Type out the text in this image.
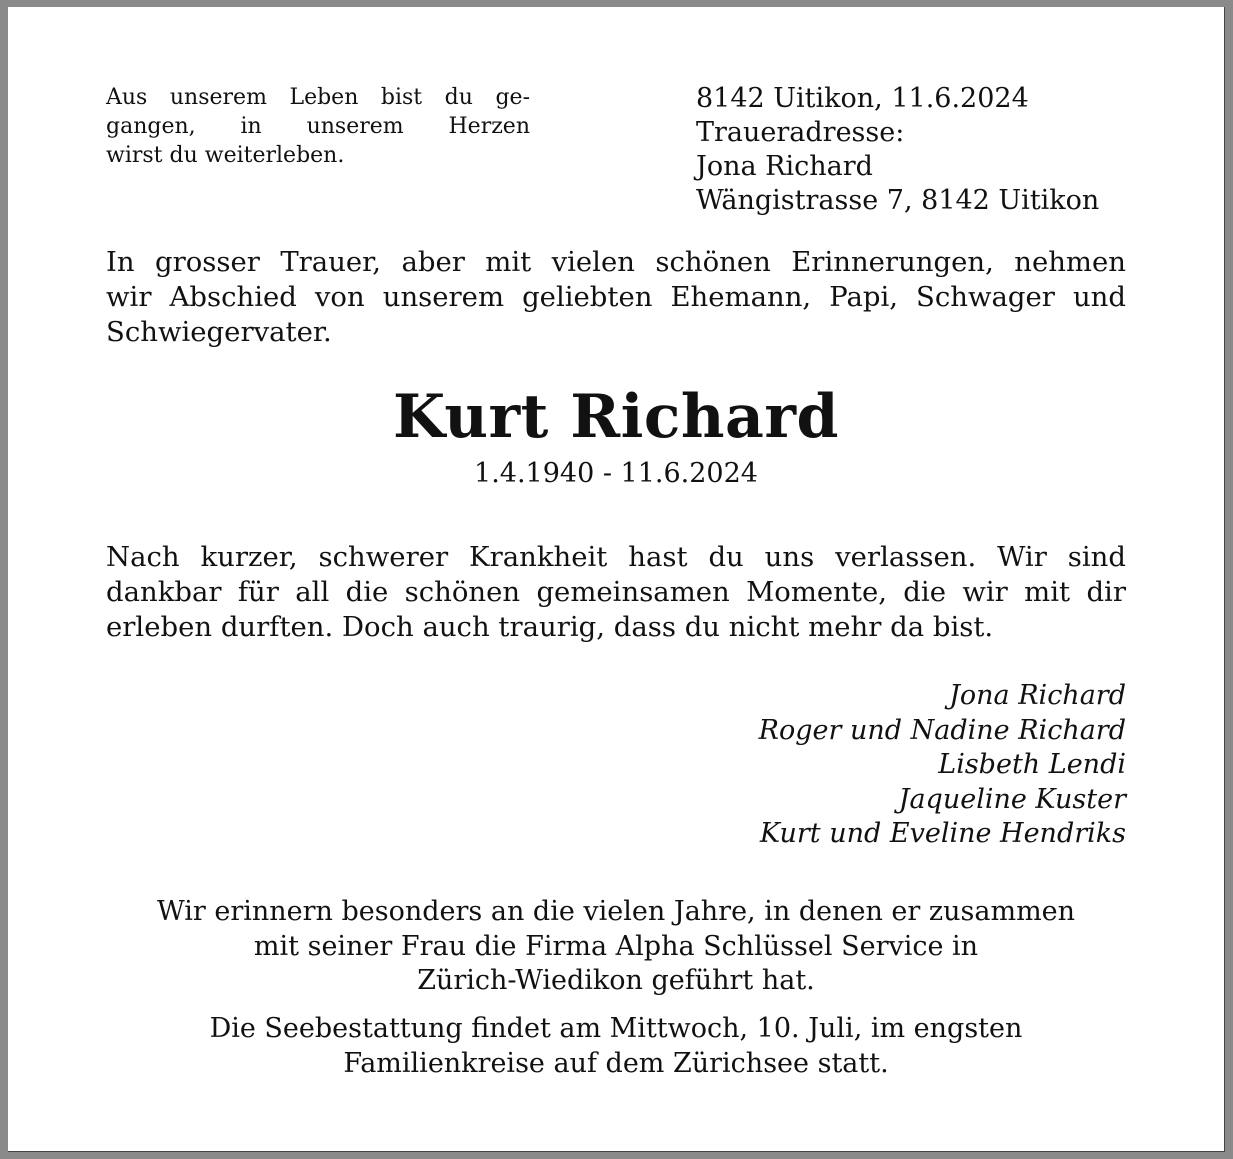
Aus unserem Leben bist du ge-
gangen, in unserem Herzen
wirst du weiterleben.
8142 Uitikon, 11.6.2024
Traueradresse:
Jona Richard
Wängistrasse 7, 8142 Uitikon
In grosser Trauer, aber mit vielen schönen Erinnerungen, nehmen
wir Abschied von unserem geliebten Ehemann, Papi, Schwager und
Schwiegervater.
Kurt Richard
1.4.1940 - 11.6.2024
Nach kurzer, schwerer Krankheit hast du uns verlassen. Wir sind
dankbar für all die schönen gemeinsamen Momente, die wir mit dir
erleben durften. Doch auch traurig, dass du nicht mehr da bist.
Jona Richard
Roger und Nadine Richard
Lisbeth Lendi
Jaqueline Kuster
Kurt und Eveline Hendriks
Wir erinnern besonders an die vielen Jahre, in denen er zusammen
mit seiner Frau die Firma Alpha Schlüssel Service in
Zürich-Wiedikon geführt hat.
Die Seebestattung findet am Mittwoch, 10. Juli, im engsten
Familienkreise auf dem Zürichsee statt.
